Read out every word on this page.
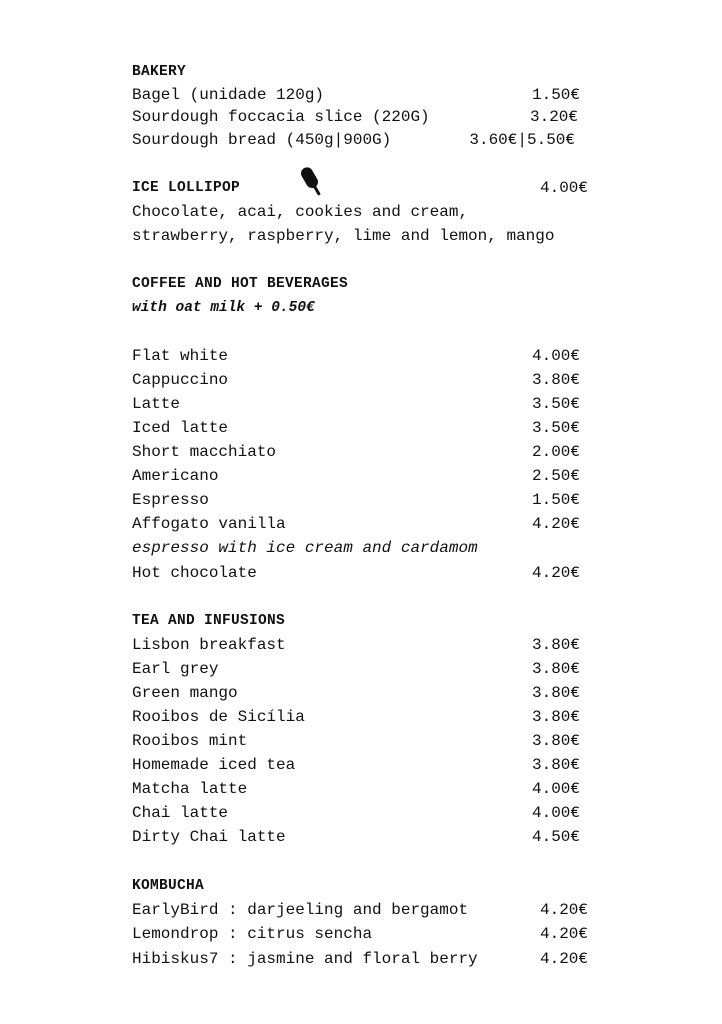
BAKERY
Bagel (unidade 120g)	1.50€
Sourdough foccacia slice (220G)	3.20€
Sourdough bread (450g|900G)	3.60€|5.50€
ICE LOLLIPOP	4.00€
Chocolate, acai, cookies and cream,
strawberry, raspberry, lime and lemon, mango
COFFEE AND HOT BEVERAGES
with oat milk + 0.50€
Flat white	4.00€
Cappuccino	3.80€
Latte	3.50€
Iced latte	3.50€
Short macchiato	2.00€
Americano	2.50€
Espresso	1.50€
Affogato vanilla	4.20€
espresso with ice cream and cardamom
Hot chocolate	4.20€
TEA AND INFUSIONS
Lisbon breakfast	3.80€
Earl grey	3.80€
Green mango	3.80€
Rooibos de Sicília	3.80€
Rooibos mint	3.80€
Homemade iced tea	3.80€
Matcha latte	4.00€
Chai latte	4.00€
Dirty Chai latte	4.50€
KOMBUCHA
EarlyBird : darjeeling and bergamot	4.20€
Lemondrop : citrus sencha	4.20€
Hibiskus7 : jasmine and floral berry	4.20€
